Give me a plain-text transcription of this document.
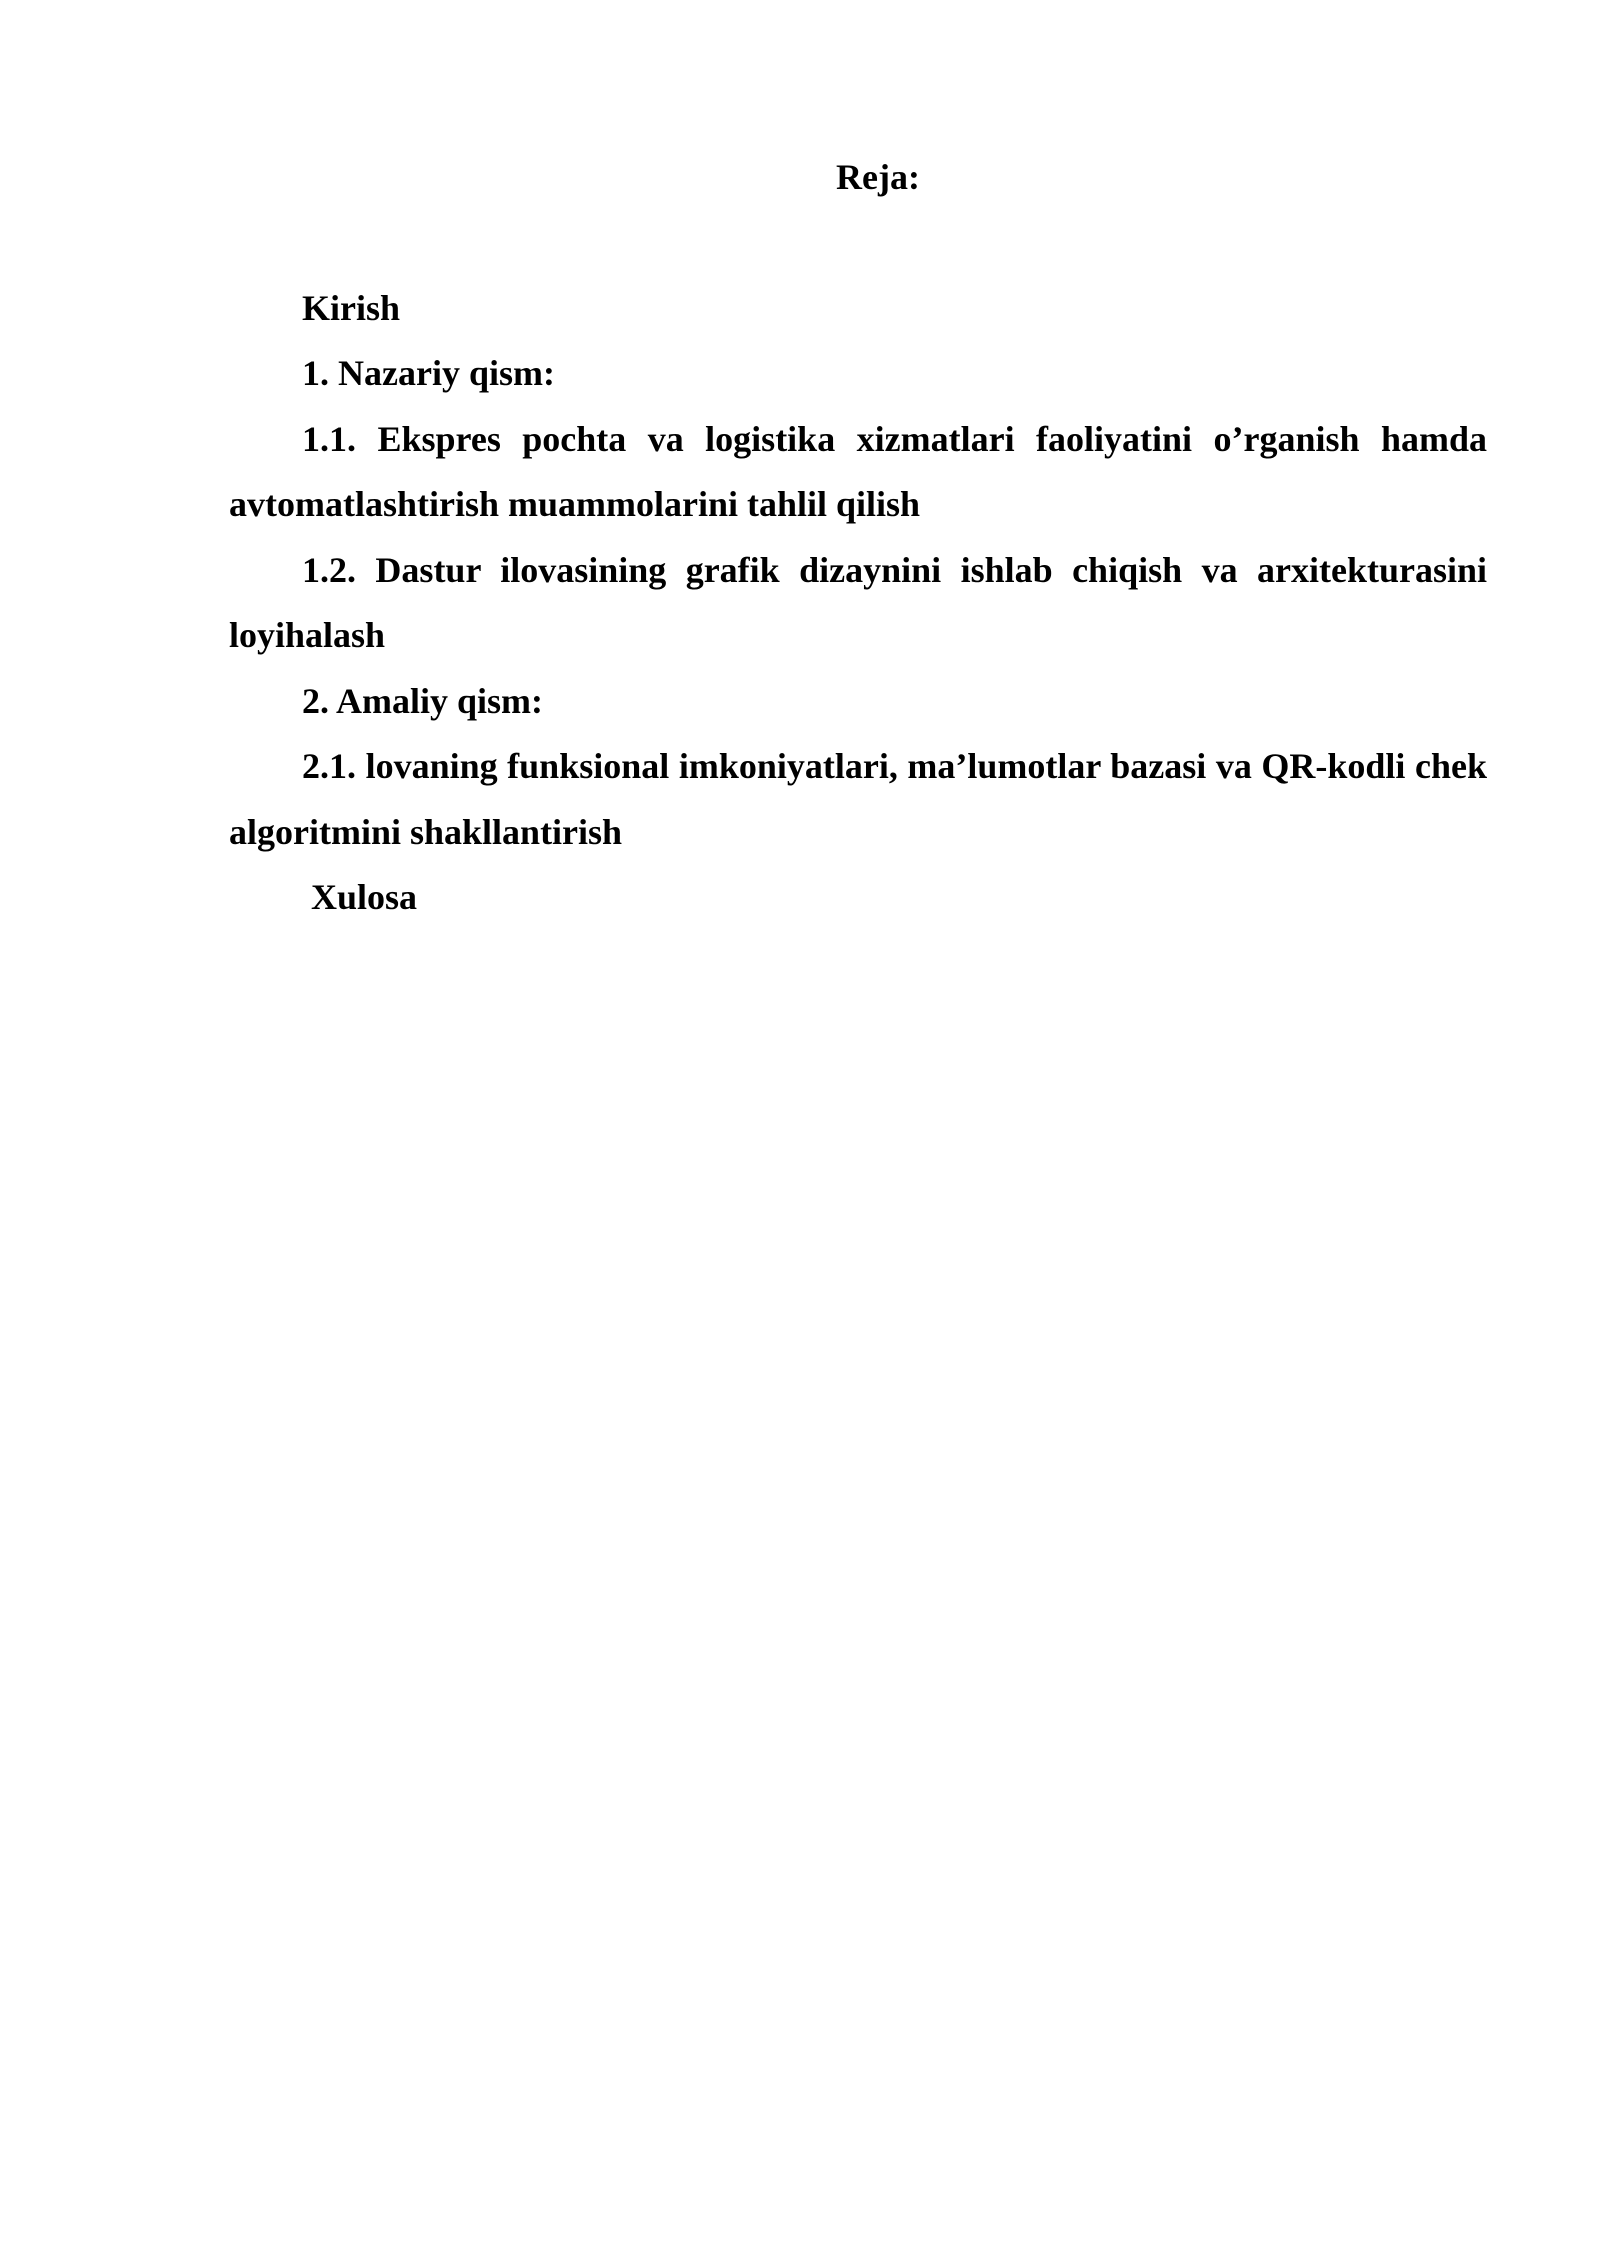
Reja:

Kirish

1. Nazariy qism:

1.1. Ekspres pochta va logistika xizmatlari faoliyatini o’rganish hamda avtomatlashtirish muammolarini tahlil qilish

1.2. Dastur ilovasining grafik dizaynini ishlab chiqish va arxitekturasini loyihalash

2. Amaliy qism:

2.1. lovaning funksional imkoniyatlari, ma’lumotlar bazasi va QR-kodli chek algoritmini shakllantirish

Xulosa
